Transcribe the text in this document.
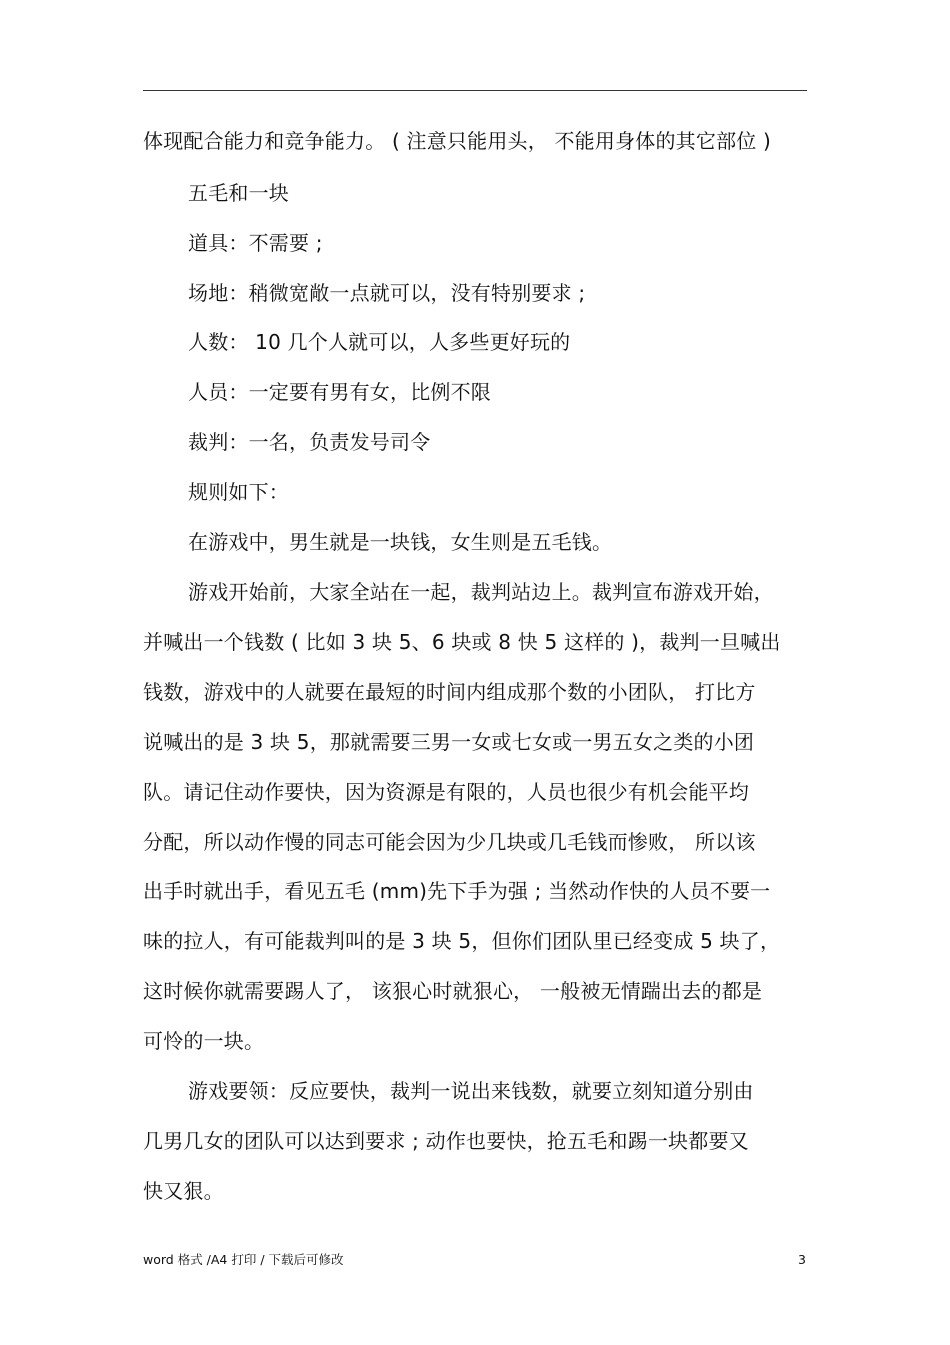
体现配合能力和竞争能力。 ( 注意只能用头， 不能用身体的其它部位 )
五毛和一块
道具：不需要 ;
场地：稍微宽敞一点就可以，没有特别要求 ;
人数： 10 几个人就可以，人多些更好玩的
人员：一定要有男有女，比例不限
裁判：一名，负责发号司令
规则如下：
在游戏中，男生就是一块钱，女生则是五毛钱。
游戏开始前，大家全站在一起，裁判站边上。裁判宣布游戏开始，
并喊出一个钱数 ( 比如 3 块 5、6 块或 8 快 5 这样的 )，裁判一旦喊出
钱数，游戏中的人就要在最短的时间内组成那个数的小团队， 打比方
说喊出的是 3 块 5，那就需要三男一女或七女或一男五女之类的小团
队。请记住动作要快，因为资源是有限的，人员也很少有机会能平均
分配，所以动作慢的同志可能会因为少几块或几毛钱而惨败， 所以该
出手时就出手，看见五毛 (mm)先下手为强 ; 当然动作快的人员不要一
味的拉人，有可能裁判叫的是 3 块 5，但你们团队里已经变成 5 块了，
这时候你就需要踢人了， 该狠心时就狠心， 一般被无情踹出去的都是
可怜的一块。
游戏要领：反应要快，裁判一说出来钱数，就要立刻知道分别由
几男几女的团队可以达到要求 ; 动作也要快，抢五毛和踢一块都要又
快又狠。
word 格式 /A4 打印 / 下载后可修改	3
